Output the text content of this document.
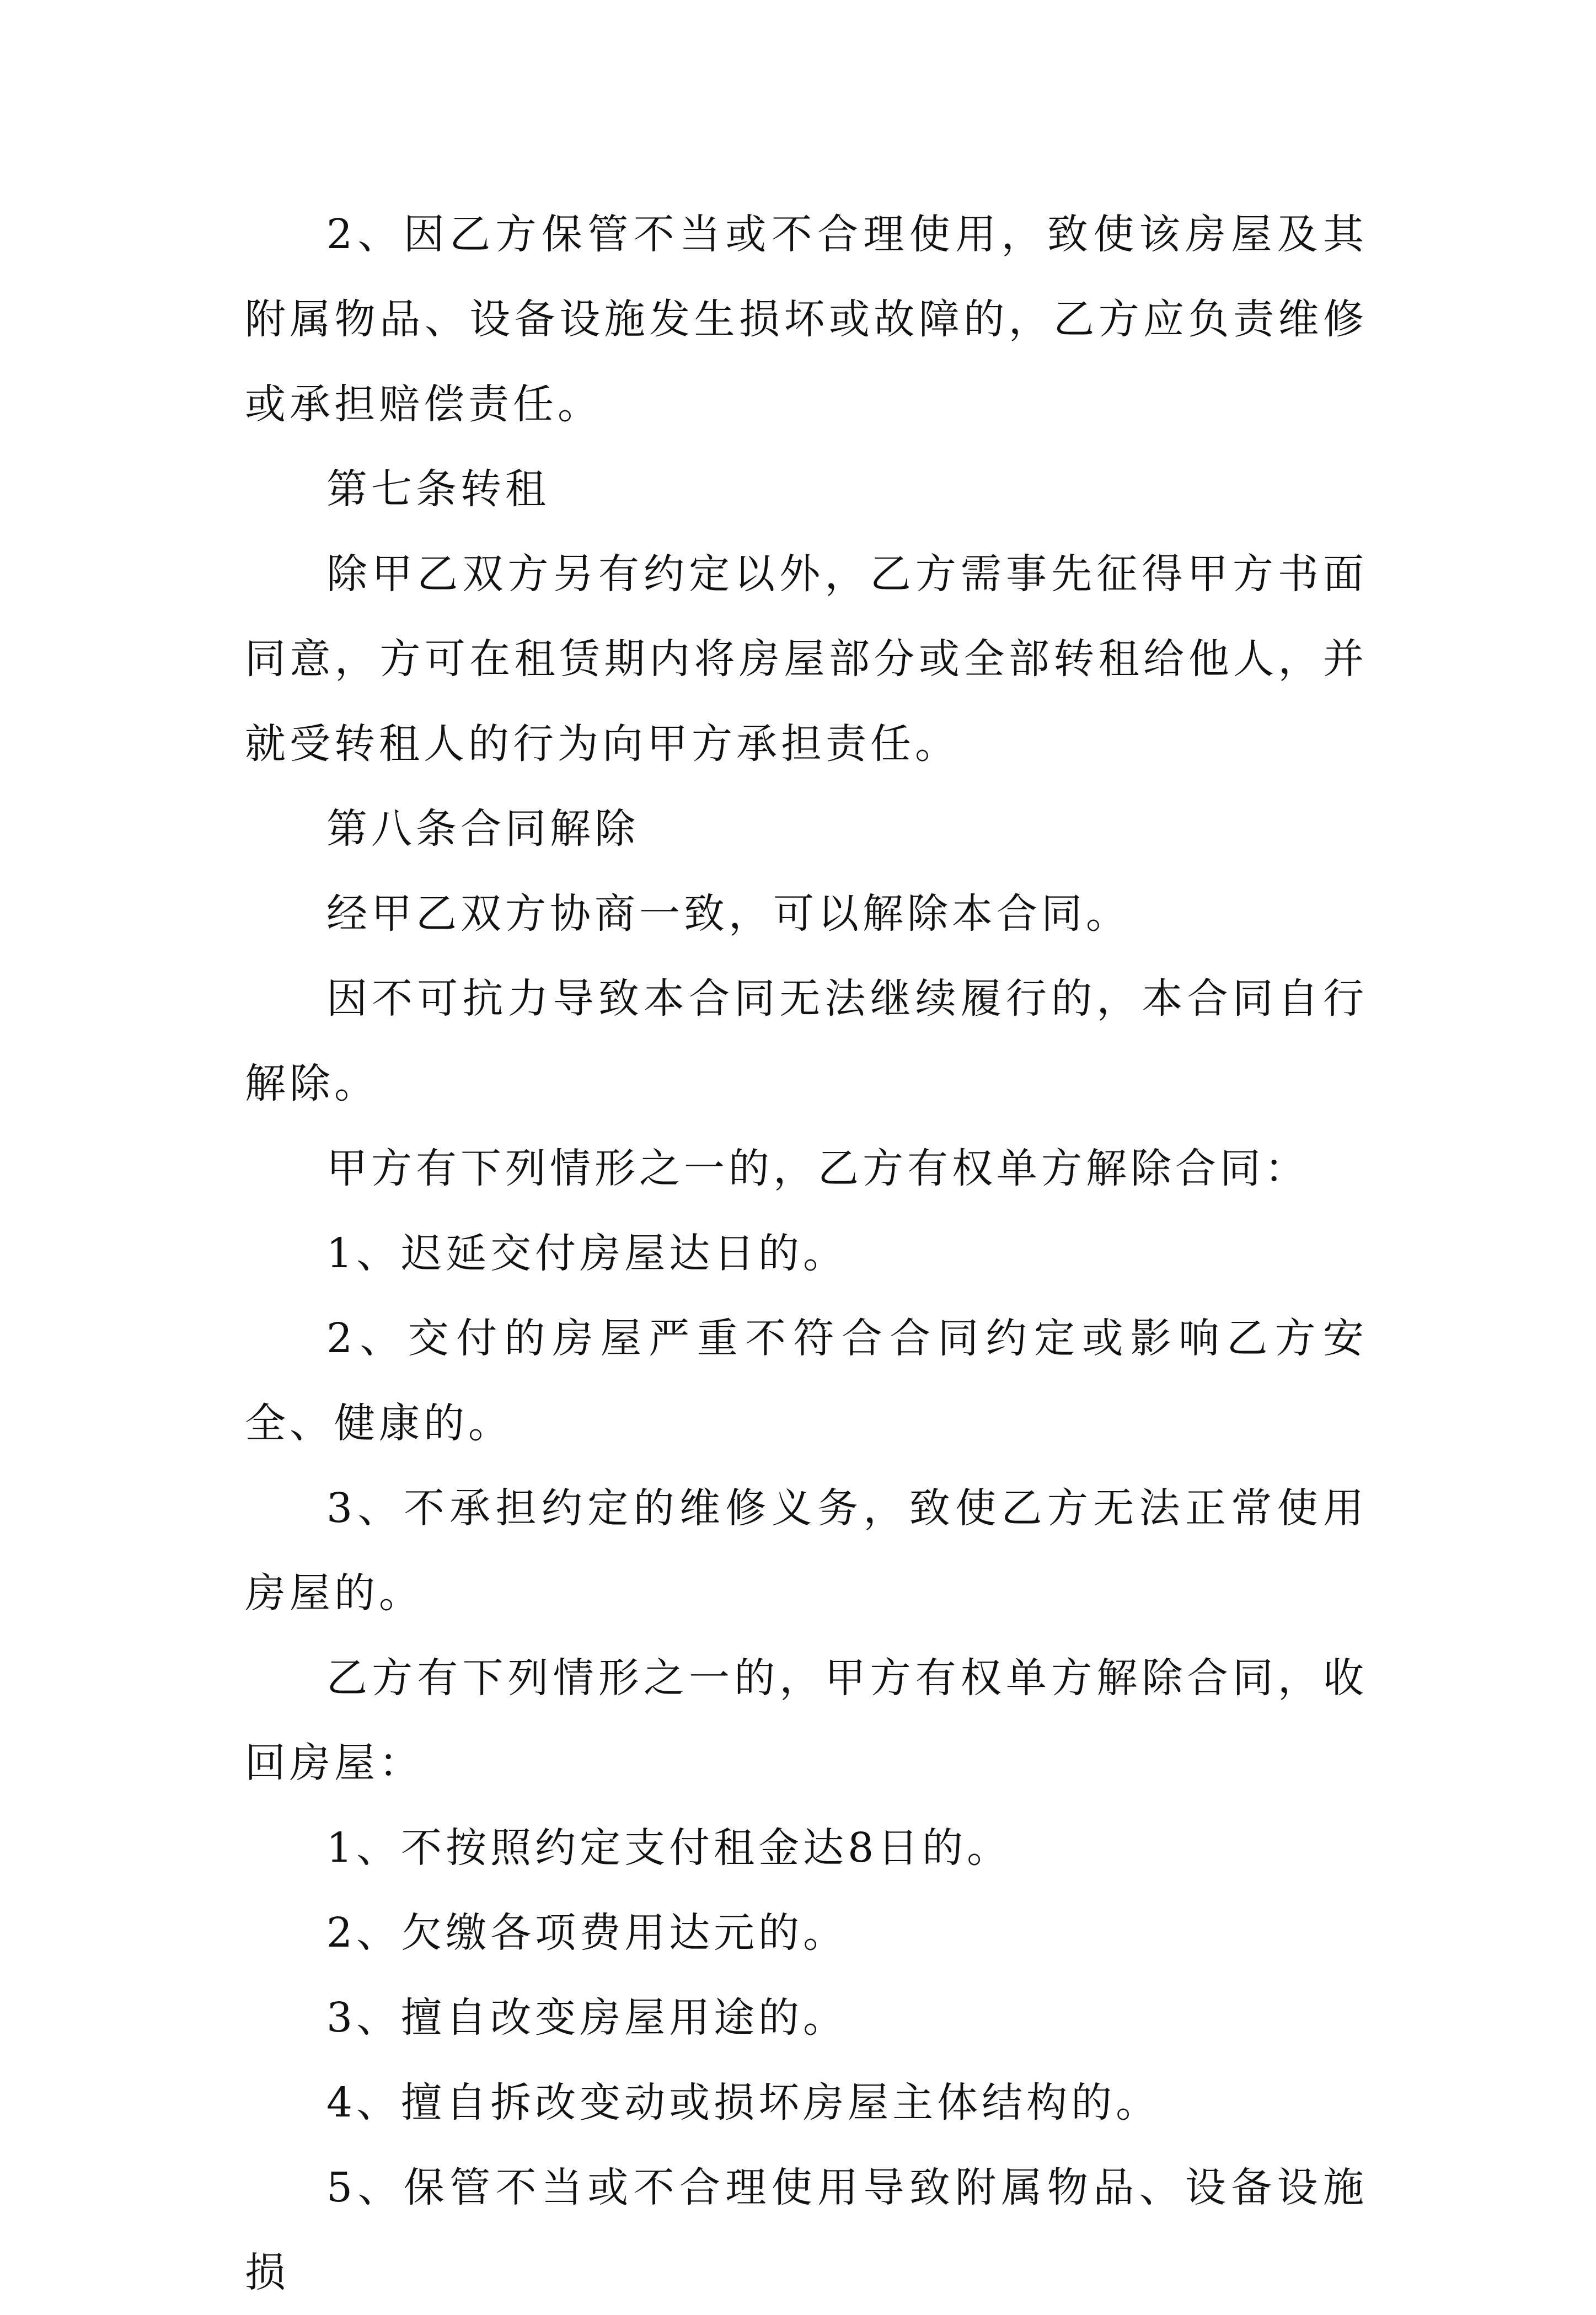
2、因乙方保管不当或不合理使用，致使该房屋及其附属物品、设备设施发生损坏或故障的，乙方应负责维修或承担赔偿责任。

第七条转租

除甲乙双方另有约定以外，乙方需事先征得甲方书面同意，方可在租赁期内将房屋部分或全部转租给他人，并就受转租人的行为向甲方承担责任。

第八条合同解除

经甲乙双方协商一致，可以解除本合同。

因不可抗力导致本合同无法继续履行的，本合同自行解除。

甲方有下列情形之一的，乙方有权单方解除合同：

1、迟延交付房屋达日的。

2、交付的房屋严重不符合合同约定或影响乙方安全、健康的。

3、不承担约定的维修义务，致使乙方无法正常使用房屋的。

乙方有下列情形之一的，甲方有权单方解除合同，收回房屋：

1、不按照约定支付租金达8日的。

2、欠缴各项费用达元的。

3、擅自改变房屋用途的。

4、擅自拆改变动或损坏房屋主体结构的。

5、保管不当或不合理使用导致附属物品、设备设施损
